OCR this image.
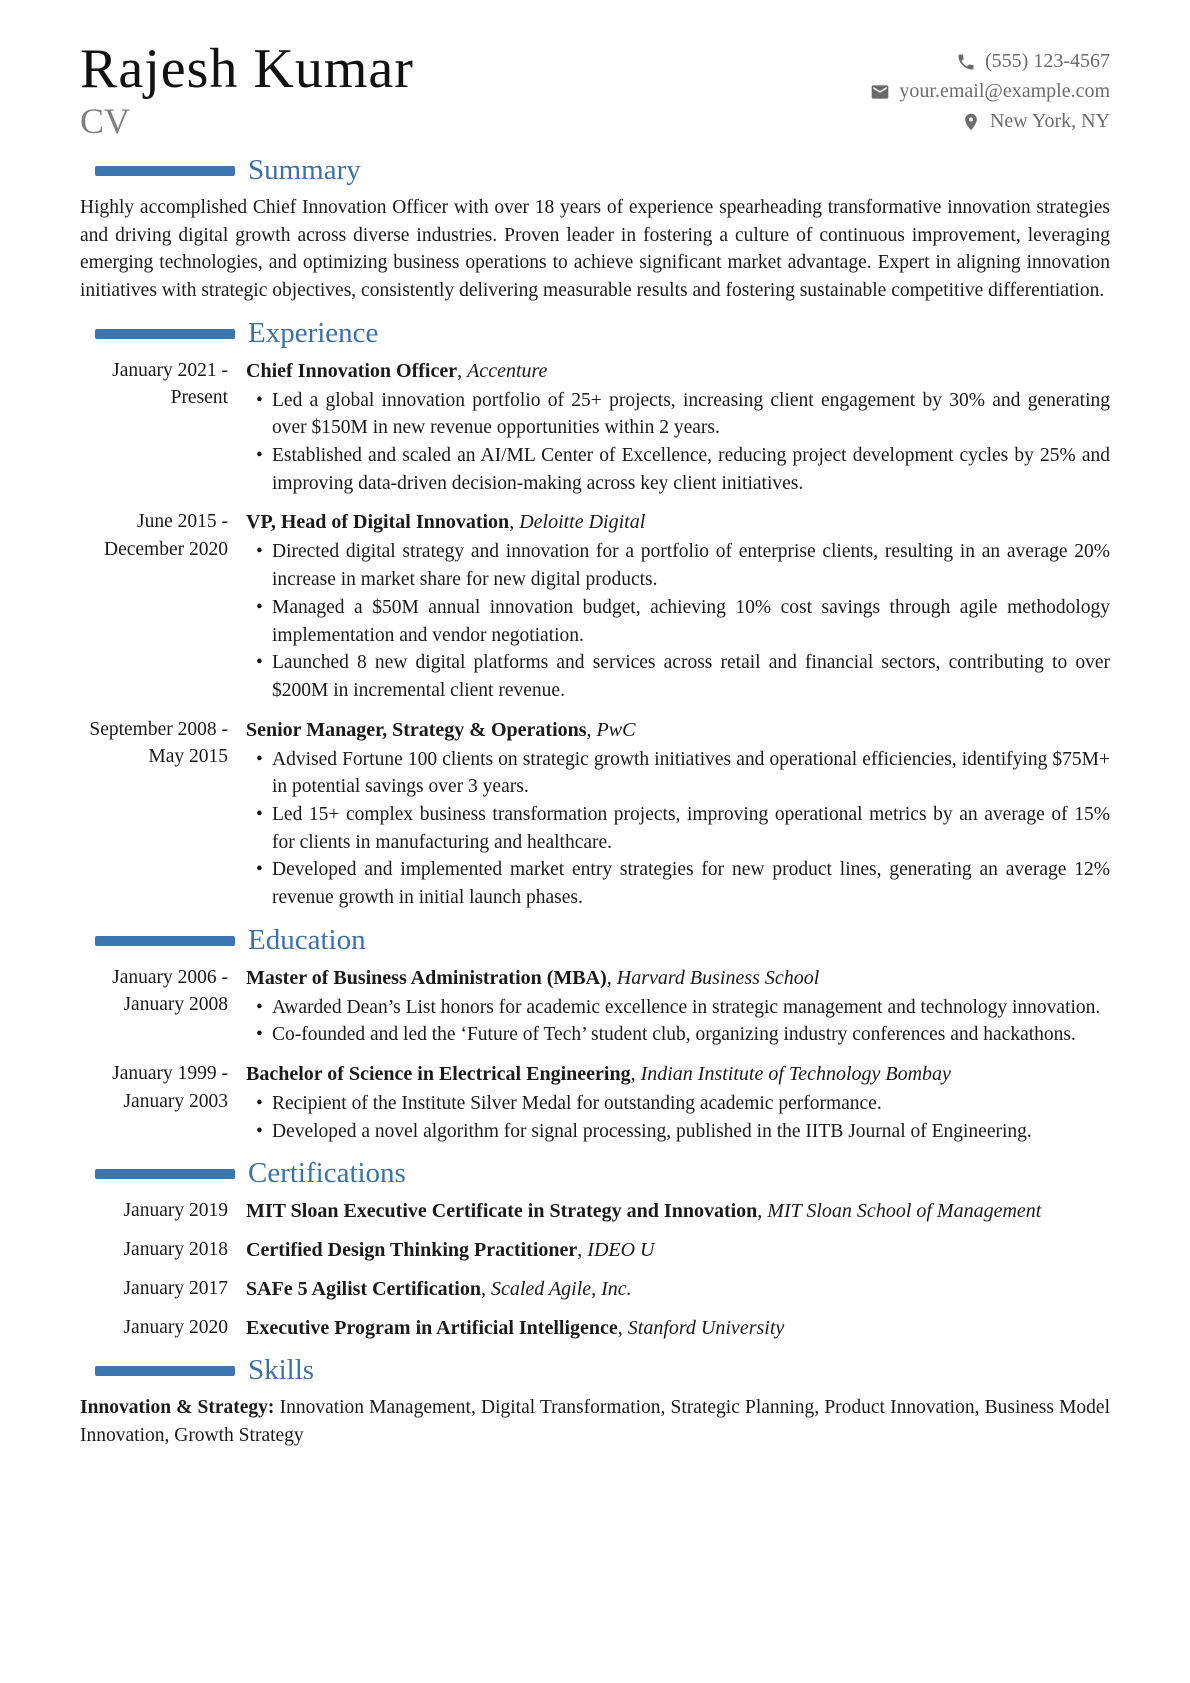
Rajesh Kumar
CV
(555) 123-4567
your.email@example.com
New York, NY
Summary

Highly accomplished Chief Innovation Officer with over 18 years of experience spearheading transformative innovation strategies and driving digital growth across diverse industries. Proven leader in fostering a culture of continuous improvement, leveraging emerging technologies, and optimizing business operations to achieve significant market advantage. Expert in aligning innovation initiatives with strategic objectives, consistently delivering measurable results and fostering sustainable competitive differentiation.

Experience
January 2021 - Present
Chief Innovation Officer, Accenture
• Led a global innovation portfolio of 25+ projects, increasing client engagement by 30% and generating over $150M in new revenue opportunities within 2 years.
• Established and scaled an AI/ML Center of Excellence, reducing project development cycles by 25% and improving data-driven decision-making across key client initiatives.
June 2015 - December 2020
VP, Head of Digital Innovation, Deloitte Digital
• Directed digital strategy and innovation for a portfolio of enterprise clients, resulting in an average 20% increase in market share for new digital products.
• Managed a $50M annual innovation budget, achieving 10% cost savings through agile methodology implementation and vendor negotiation.
• Launched 8 new digital platforms and services across retail and financial sectors, contributing to over $200M in incremental client revenue.
September 2008 - May 2015
Senior Manager, Strategy & Operations, PwC
• Advised Fortune 100 clients on strategic growth initiatives and operational efficiencies, identifying $75M+ in potential savings over 3 years.
• Led 15+ complex business transformation projects, improving operational metrics by an average of 15% for clients in manufacturing and healthcare.
• Developed and implemented market entry strategies for new product lines, generating an average 12% revenue growth in initial launch phases.
Education
January 2006 - January 2008
Master of Business Administration (MBA), Harvard Business School
• Awarded Dean’s List honors for academic excellence in strategic management and technology innovation.
• Co-founded and led the ‘Future of Tech’ student club, organizing industry conferences and hackathons.
January 1999 - January 2003
Bachelor of Science in Electrical Engineering, Indian Institute of Technology Bombay
• Recipient of the Institute Silver Medal for outstanding academic performance.
• Developed a novel algorithm for signal processing, published in the IITB Journal of Engineering.
Certifications
January 2019 MIT Sloan Executive Certificate in Strategy and Innovation, MIT Sloan School of Management
January 2018 Certified Design Thinking Practitioner, IDEO U
January 2017 SAFe 5 Agilist Certification, Scaled Agile, Inc.
January 2020 Executive Program in Artificial Intelligence, Stanford University
Skills

Innovation & Strategy: Innovation Management, Digital Transformation, Strategic Planning, Product Innovation, Business Model Innovation, Growth Strategy
